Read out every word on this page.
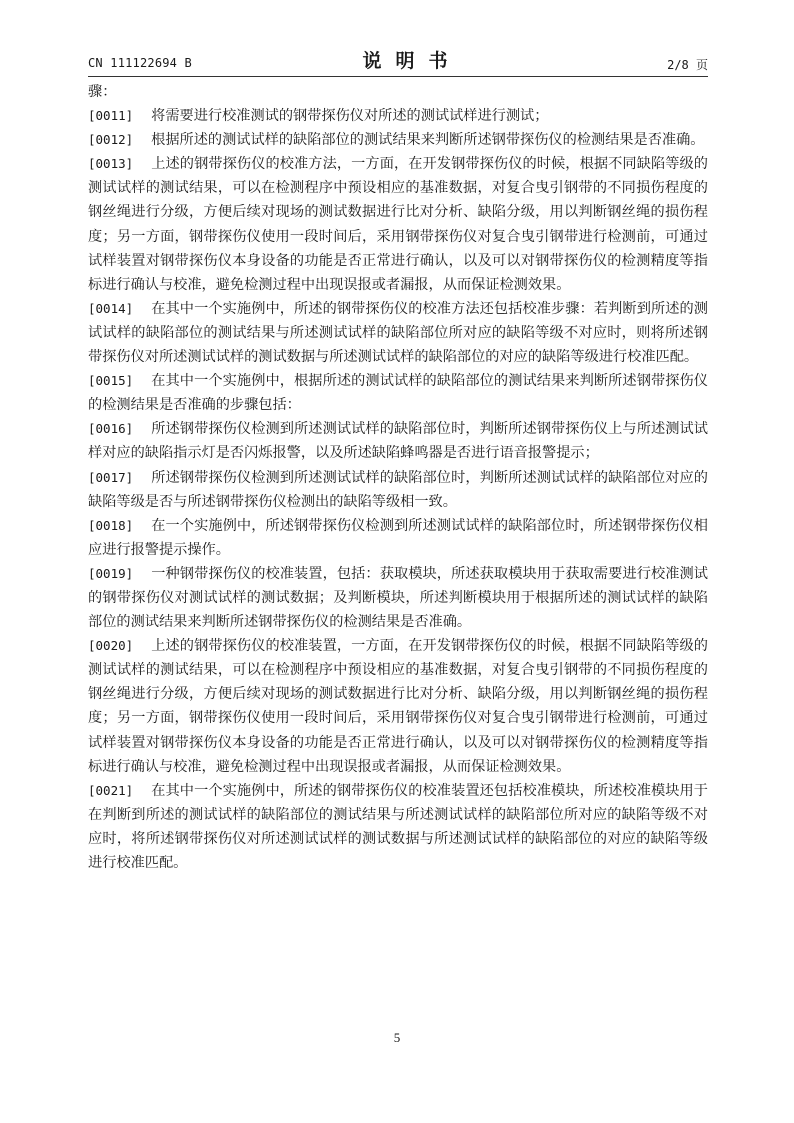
CN 111122694 B	说明书	2/8 页

骤：

[0011] 将需要进行校准测试的钢带探伤仪对所述的测试试样进行测试；

[0012] 根据所述的测试试样的缺陷部位的测试结果来判断所述钢带探伤仪的检测结果是否准确。

[0013] 上述的钢带探伤仪的校准方法，一方面，在开发钢带探伤仪的时候，根据不同缺陷等级的测试试样的测试结果，可以在检测程序中预设相应的基准数据，对复合曳引钢带的不同损伤程度的钢丝绳进行分级，方便后续对现场的测试数据进行比对分析、缺陷分级，用以判断钢丝绳的损伤程度；另一方面，钢带探伤仪使用一段时间后，采用钢带探伤仪对复合曳引钢带进行检测前，可通过试样装置对钢带探伤仪本身设备的功能是否正常进行确认，以及可以对钢带探伤仪的检测精度等指标进行确认与校准，避免检测过程中出现误报或者漏报，从而保证检测效果。

[0014] 在其中一个实施例中，所述的钢带探伤仪的校准方法还包括校准步骤：若判断到所述的测试试样的缺陷部位的测试结果与所述测试试样的缺陷部位所对应的缺陷等级不对应时，则将所述钢带探伤仪对所述测试试样的测试数据与所述测试试样的缺陷部位的对应的缺陷等级进行校准匹配。

[0015] 在其中一个实施例中，根据所述的测试试样的缺陷部位的测试结果来判断所述钢带探伤仪的检测结果是否准确的步骤包括：

[0016] 所述钢带探伤仪检测到所述测试试样的缺陷部位时，判断所述钢带探伤仪上与所述测试试样对应的缺陷指示灯是否闪烁报警，以及所述缺陷蜂鸣器是否进行语音报警提示；

[0017] 所述钢带探伤仪检测到所述测试试样的缺陷部位时，判断所述测试试样的缺陷部位对应的缺陷等级是否与所述钢带探伤仪检测出的缺陷等级相一致。

[0018] 在一个实施例中，所述钢带探伤仪检测到所述测试试样的缺陷部位时，所述钢带探伤仪相应进行报警提示操作。

[0019] 一种钢带探伤仪的校准装置，包括：获取模块，所述获取模块用于获取需要进行校准测试的钢带探伤仪对测试试样的测试数据；及判断模块，所述判断模块用于根据所述的测试试样的缺陷部位的测试结果来判断所述钢带探伤仪的检测结果是否准确。

[0020] 上述的钢带探伤仪的校准装置，一方面，在开发钢带探伤仪的时候，根据不同缺陷等级的测试试样的测试结果，可以在检测程序中预设相应的基准数据，对复合曳引钢带的不同损伤程度的钢丝绳进行分级，方便后续对现场的测试数据进行比对分析、缺陷分级，用以判断钢丝绳的损伤程度；另一方面，钢带探伤仪使用一段时间后，采用钢带探伤仪对复合曳引钢带进行检测前，可通过试样装置对钢带探伤仪本身设备的功能是否正常进行确认，以及可以对钢带探伤仪的检测精度等指标进行确认与校准，避免检测过程中出现误报或者漏报，从而保证检测效果。

[0021] 在其中一个实施例中，所述的钢带探伤仪的校准装置还包括校准模块，所述校准模块用于在判断到所述的测试试样的缺陷部位的测试结果与所述测试试样的缺陷部位所对应的缺陷等级不对应时，将所述钢带探伤仪对所述测试试样的测试数据与所述测试试样的缺陷部位的对应的缺陷等级进行校准匹配。

5
